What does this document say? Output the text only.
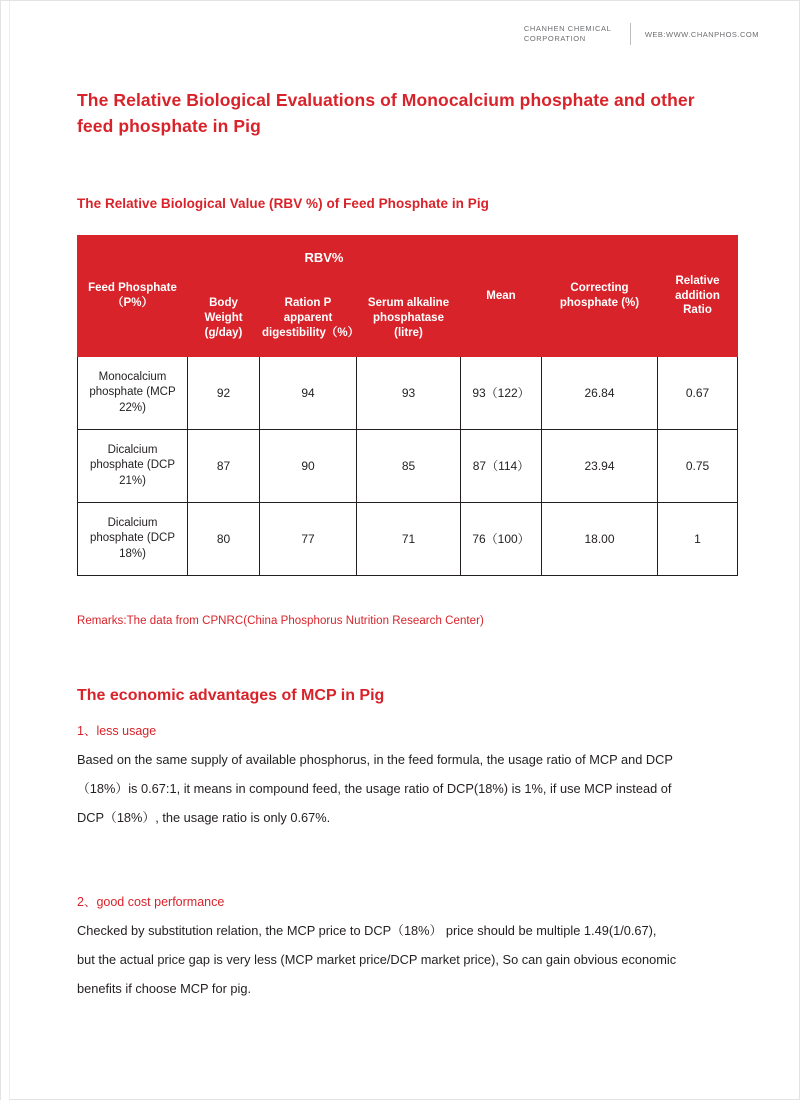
CHANHEN CHEMICAL
CORPORATION	WEB:WWW.CHANPHOS.COM
The Relative Biological Evaluations of Monocalcium phosphate and other feed phosphate in Pig
The Relative Biological Value (RBV %) of Feed Phosphate in Pig
Feed Phosphate（P%）	RBV%			Mean	Correcting phosphate (%)	Relative addition Ratio
	Body Weight (g/day)	Ration P apparent digestibility（%）	Serum alkaline phosphatase (litre)			
Monocalcium phosphate (MCP 22%)	92	94	93	93（122）	26.84	0.67
Dicalcium phosphate (DCP 21%)	87	90	85	87（114）	23.94	0.75
Dicalcium phosphate (DCP 18%)	80	77	71	76（100）	18.00	1
Remarks:The data from CPNRC(China Phosphorus Nutrition Research Center)
The economic advantages of MCP in Pig
1、less usage
Based on the same supply of available phosphorus, in the feed formula, the usage ratio of MCP and DCP（18%）is 0.67:1, it means in compound feed, the usage ratio of DCP(18%) is 1%, if use MCP instead of DCP（18%）, the usage ratio is only 0.67%.
2、good cost performance
Checked by substitution relation, the MCP price to DCP（18%） price should be multiple 1.49(1/0.67), but the actual price gap is very less (MCP market price/DCP market price), So can gain obvious economic benefits if choose MCP for pig.
